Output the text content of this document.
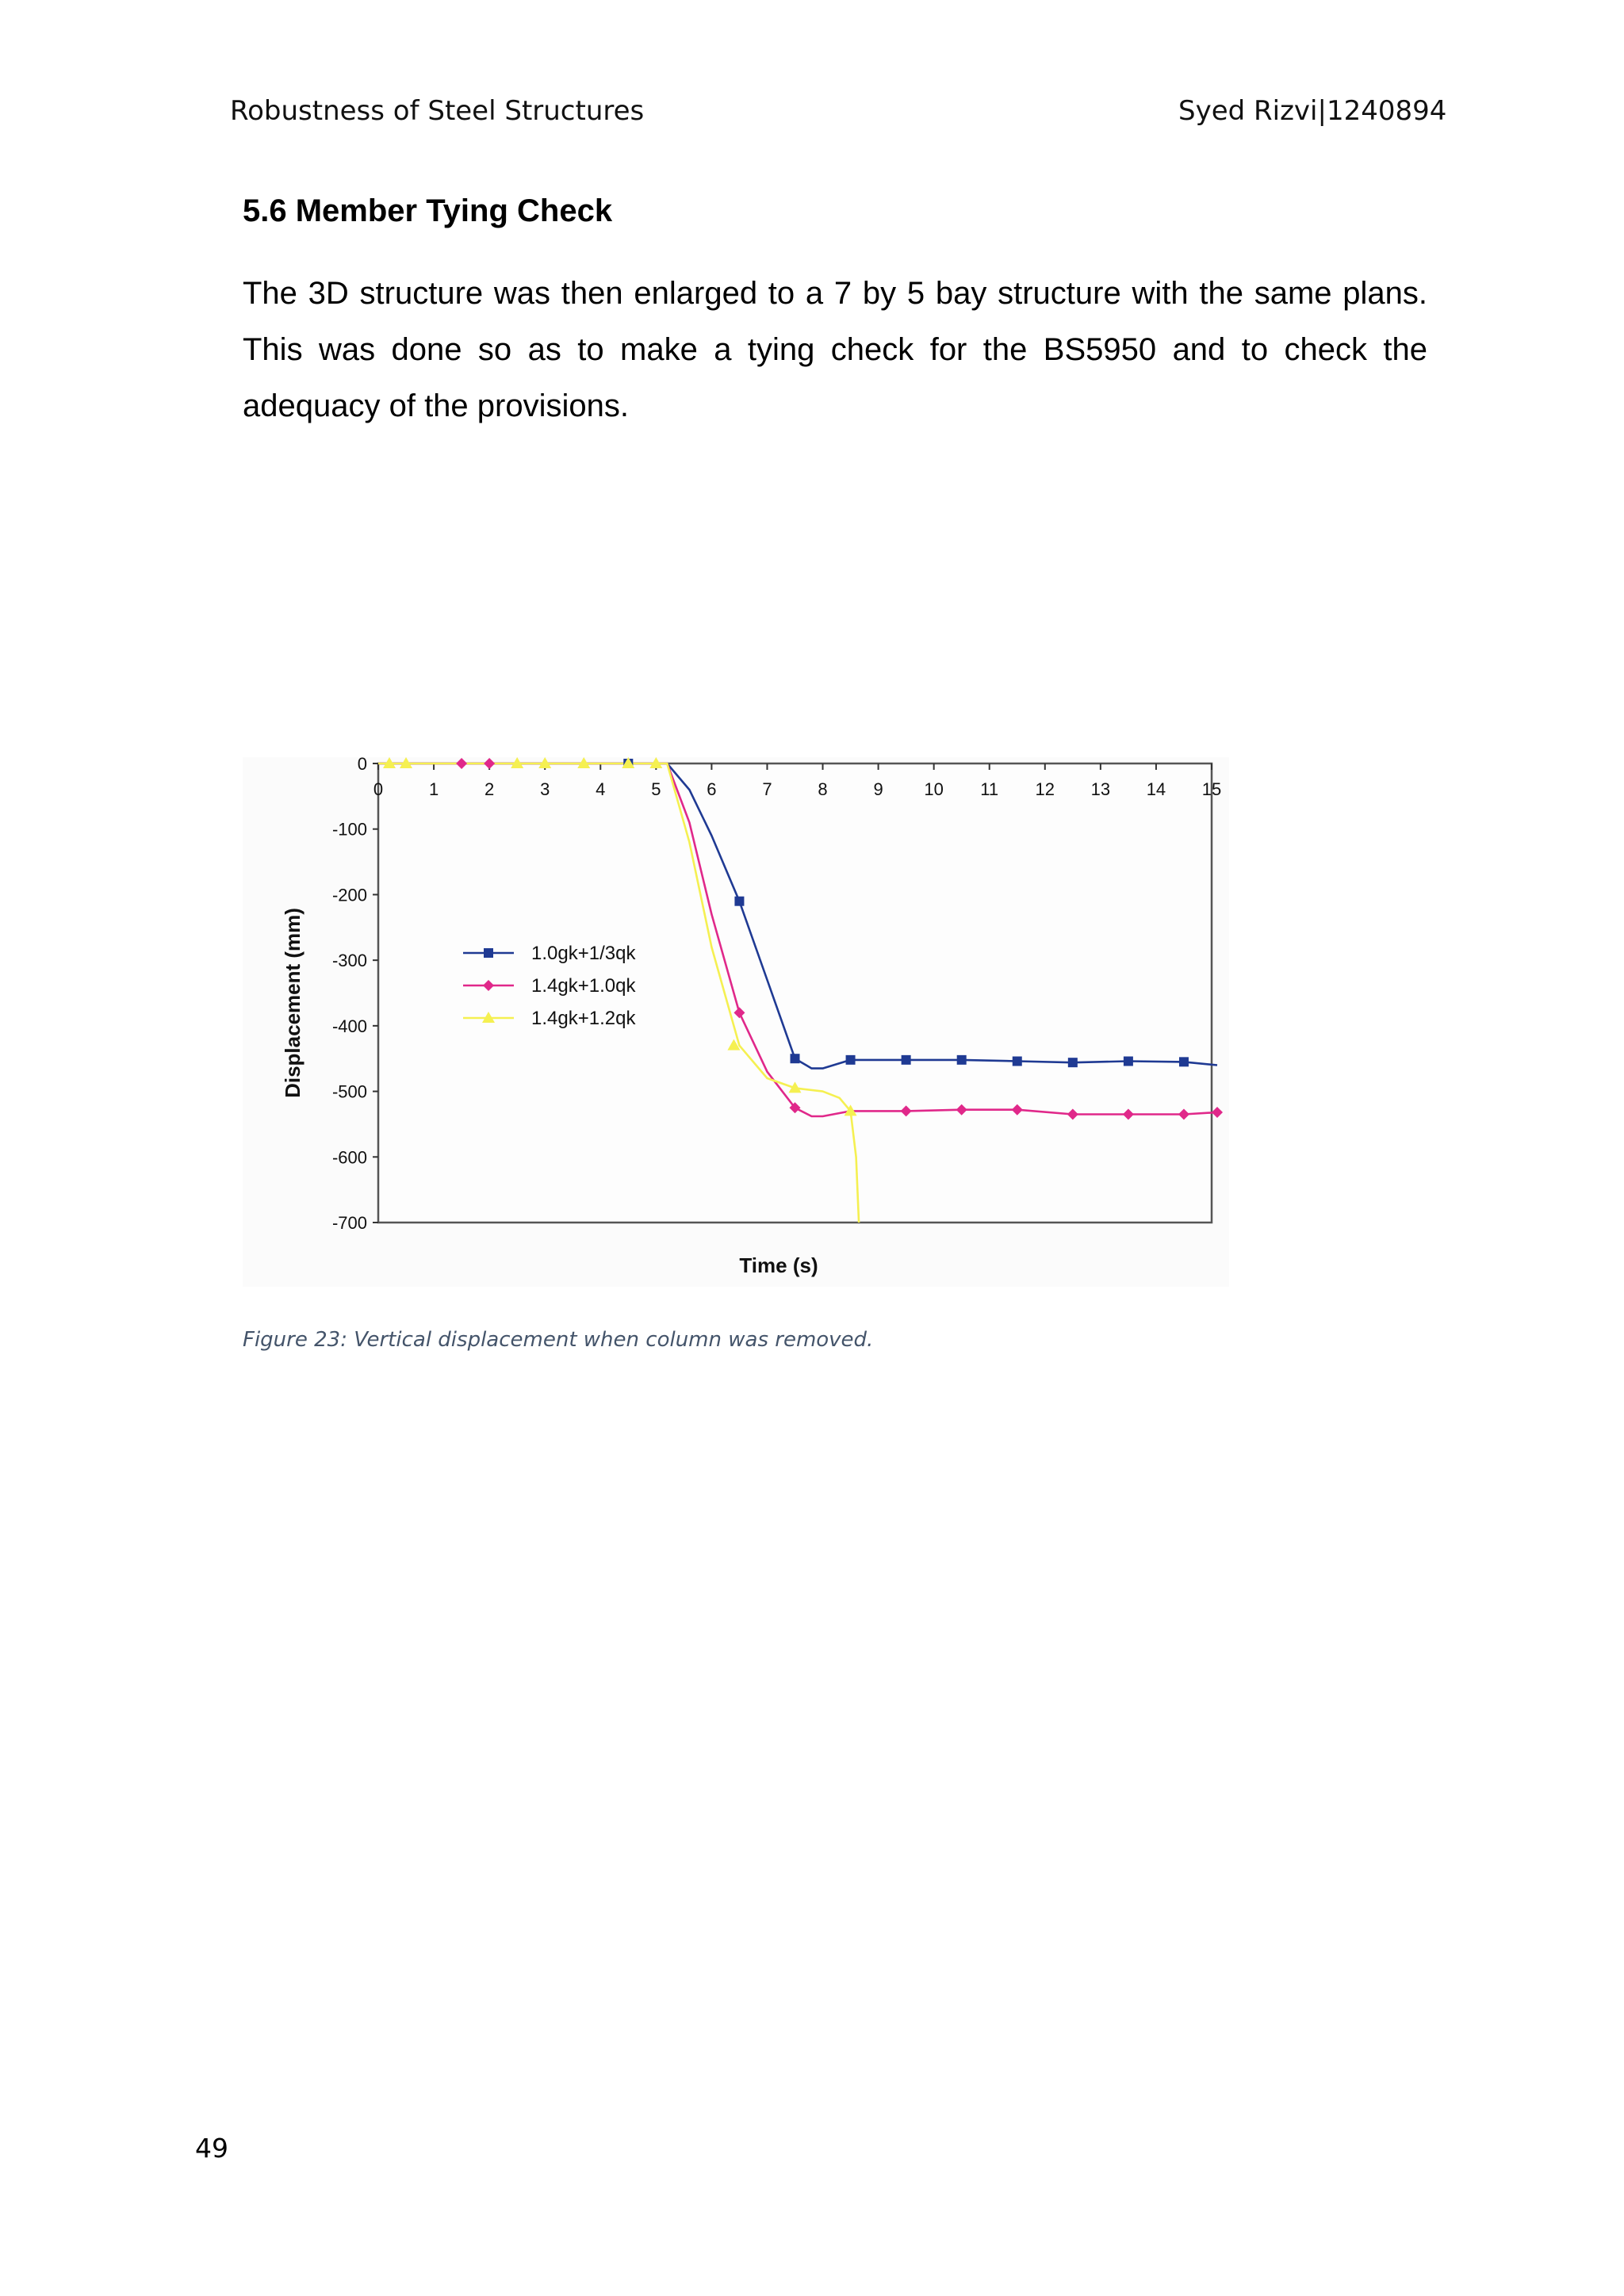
Robustness of Steel Structures	Syed Rizvi|1240894
5.6 Member Tying Check

The 3D structure was then enlarged to a 7 by 5 bay structure with the same plans. This was done so as to make a tying check for the BS5950 and to check the adequacy of the provisions.

0
-100
-200
-300
-400
-500
-600
-700
0	1	2	3	4	5	6	7	8	9 10 11 12 13 14 15
1.0gk+1/3qk
1.4gk+1.0qk
1.4gk+1.2qk
Displacement (mm)
Time (s)
Figure 23: Vertical displacement when column was removed.
49
